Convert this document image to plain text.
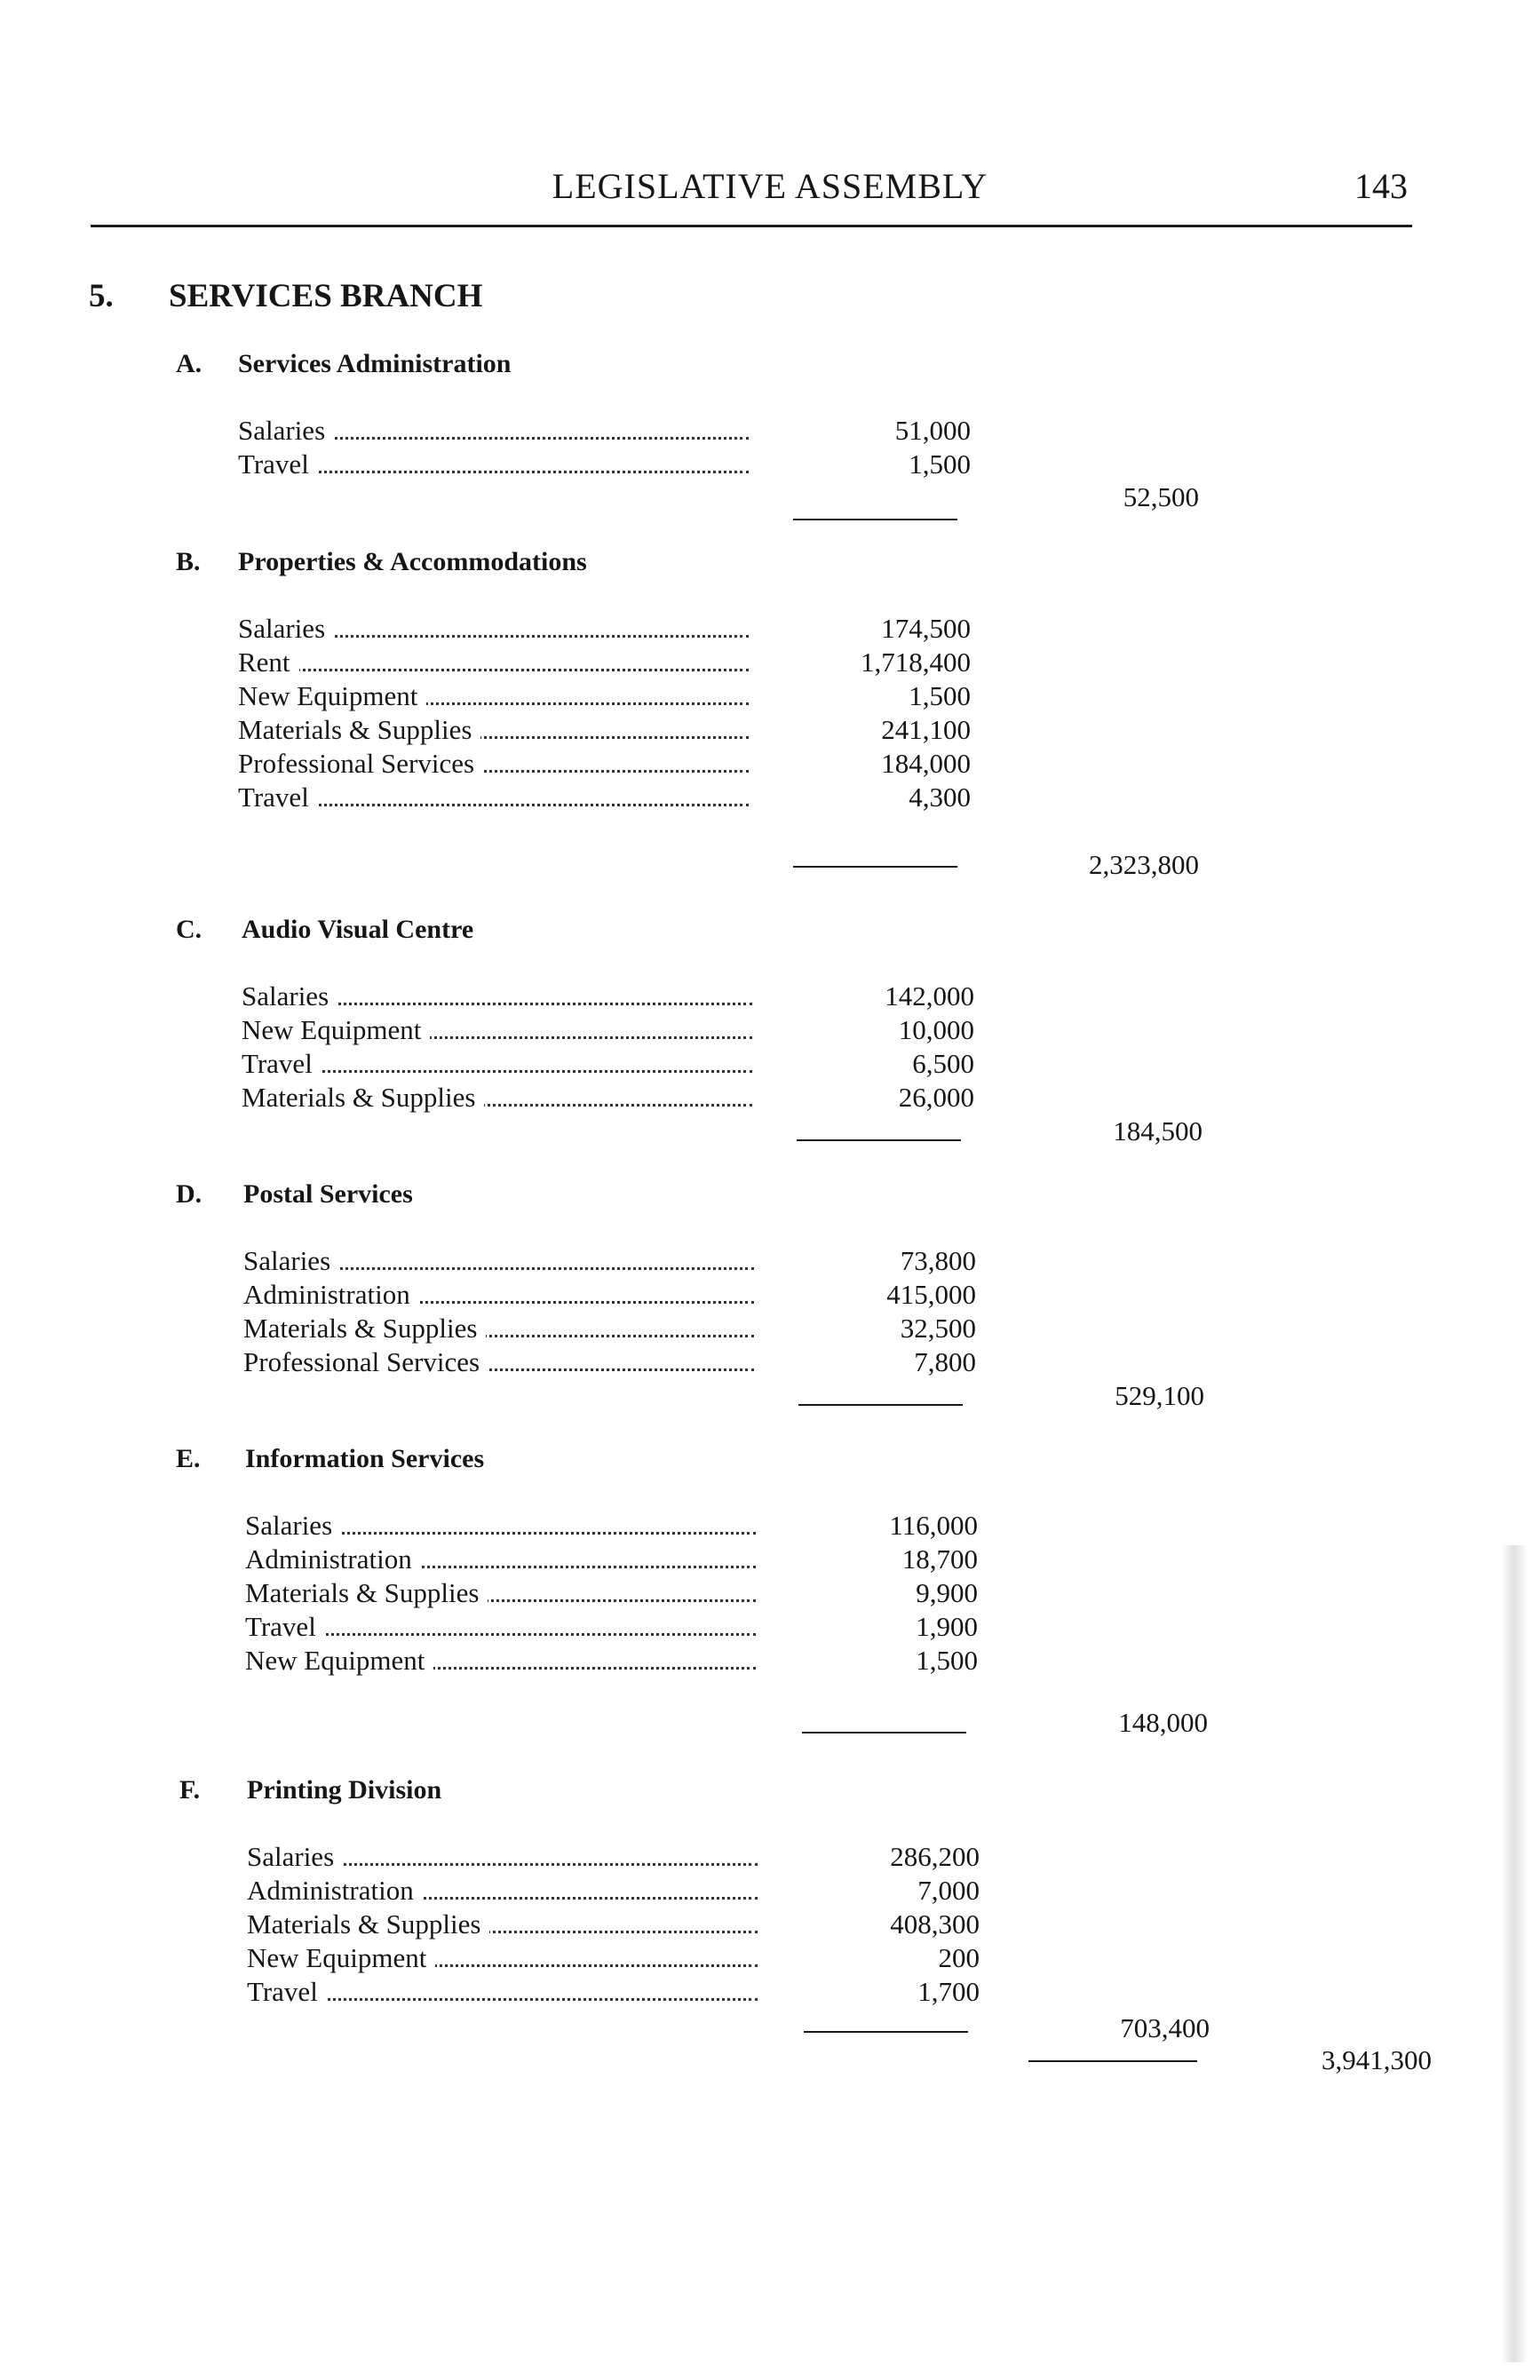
LEGISLATIVE ASSEMBLY	143
5. SERVICES BRANCH
A. Services Administration
Salaries	51,000
Travel	1,500
52,500
B. Properties & Accommodations
Salaries	174,500
Rent	1,718,400
New Equipment	1,500
Materials & Supplies	241,100
Professional Services	184,000
Travel	4,300
2,323,800
C. Audio Visual Centre
Salaries	142,000
New Equipment	10,000
Travel	6,500
Materials & Supplies	26,000
184,500
D. Postal Services
Salaries	73,800
Administration	415,000
Materials & Supplies	32,500
Professional Services	7,800
529,100
E. Information Services
Salaries	116,000
Administration	18,700
Materials & Supplies	9,900
Travel	1,900
New Equipment	1,500
148,000
F. Printing Division
Salaries	286,200
Administration	7,000
Materials & Supplies	408,300
New Equipment	200
Travel	1,700
703,400
3,941,300
